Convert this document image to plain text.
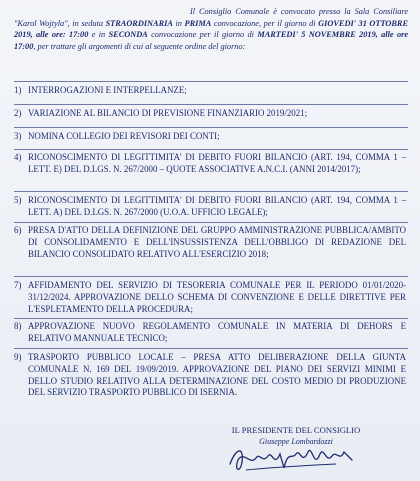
Il Consiglio Comunale è convocato presso la Sala Consiliare "Karol Wojtyla", in seduta STRAORDINARIA in PRIMA convocazione, per il giorno di GIOVEDI' 31 OTTOBRE 2019, alle ore: 17:00 e in SECONDA convocazione per il giorno di MARTEDI' 5 NOVEMBRE 2019, alle ore 17:00, per trattare gli argomenti di cui al seguente ordine del giorno:
1) INTERROGAZIONI E INTERPELLANZE;
2) VARIAZIONE AL BILANCIO DI PREVISIONE FINANZIARIO 2019/2021;
3) NOMINA COLLEGIO DEI REVISORI DEI CONTI;
4) RICONOSCIMENTO DI LEGITTIMITA' DI DEBITO FUORI BILANCIO (ART. 194, COMMA 1 – LETT. E) DEL D.LGS. N. 267/2000 – QUOTE ASSOCIATIVE A.N.C.I. (ANNI 2014/2017);
5) RICONOSCIMENTO DI LEGITTIMITA' DI DEBITO FUORI BILANCIO (ART. 194, COMMA 1 – LETT. A) DEL D.LGS. N. 267/2000 (U.O.A. UFFICIO LEGALE);
6) PRESA D'ATTO DELLA DEFINIZIONE DEL GRUPPO AMMINISTRAZIONE PUBBLICA/AMBITO DI CONSOLIDAMENTO E DELL'INSUSSISTENZA DELL'OBBLIGO DI REDAZIONE DEL BILANCIO CONSOLIDATO RELATIVO ALL'ESERCIZIO 2018;
7) AFFIDAMENTO DEL SERVIZIO DI TESORERIA COMUNALE PER IL PERIODO 01/01/2020-31/12/2024. APPROVAZIONE DELLO SCHEMA DI CONVENZIONE E DELLE DIRETTIVE PER L'ESPLETAMENTO DELLA PROCEDURA;
8) APPROVAZIONE NUOVO REGOLAMENTO COMUNALE IN MATERIA DI DEHORS E RELATIVO MANNUALE TECNICO;
9) TRASPORTO PUBBLICO LOCALE – PRESA ATTO DELIBERAZIONE DELLA GIUNTA COMUNALE N. 169 DEL 19/09/2019. APPROVAZIONE DEL PIANO DEI SERVIZI MINIMI E DELLO STUDIO RELATIVO ALLA DETERMINAZIONE DEL COSTO MEDIO DI PRODUZIONE DEL SERVIZIO TRASPORTO PUBBLICO DI ISERNIA.
IL PRESIDENTE DEL CONSIGLIO
Giuseppe Lombardozzi
